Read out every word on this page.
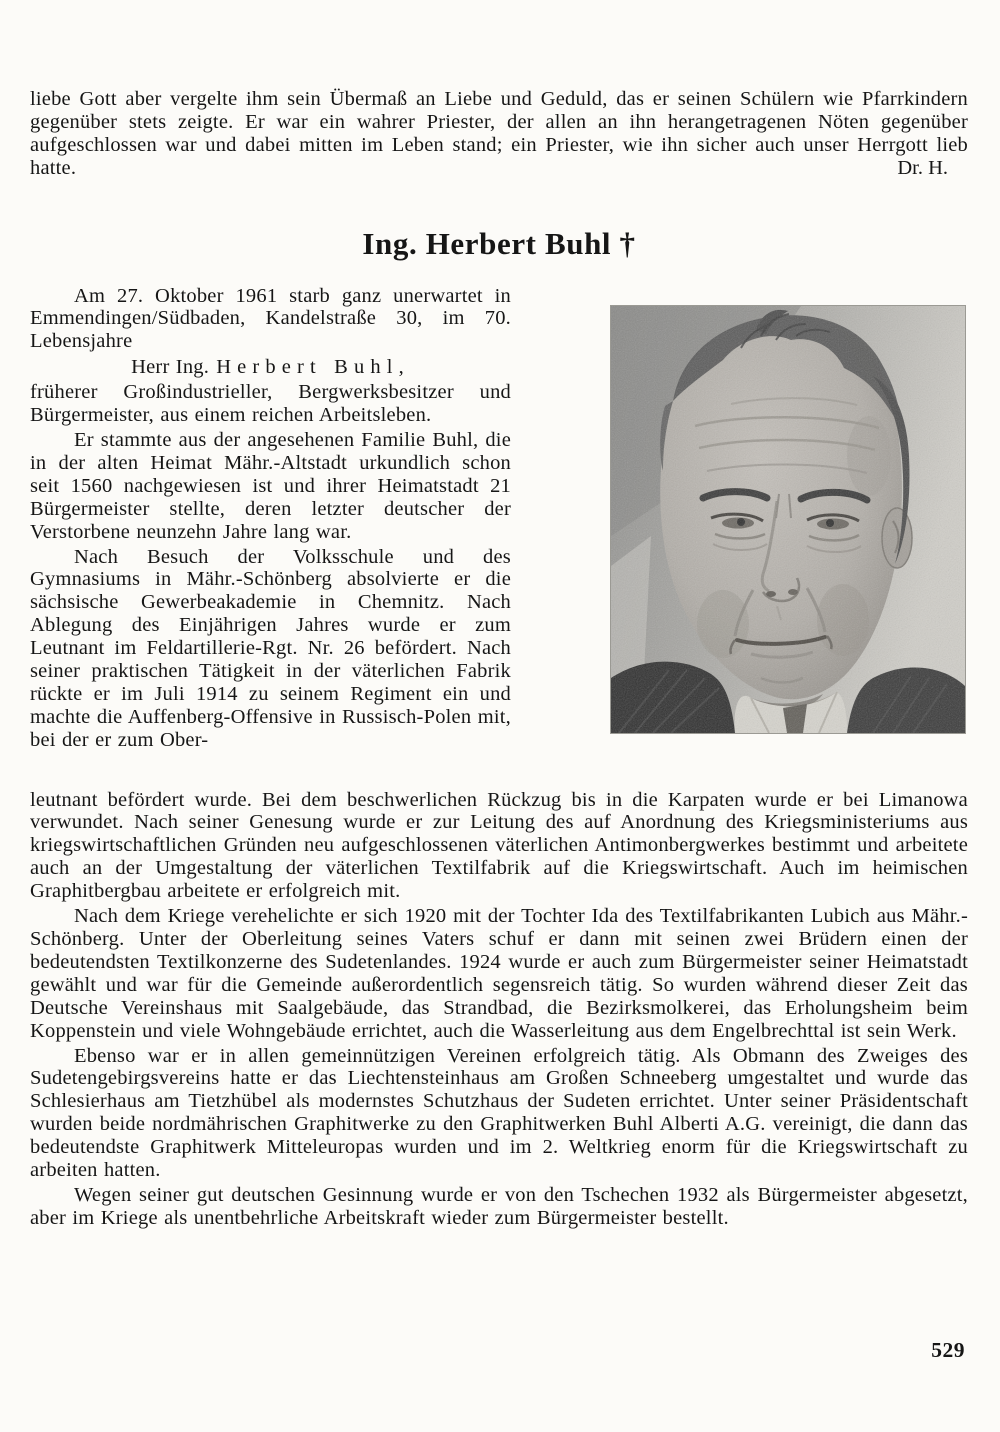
liebe Gott aber vergelte ihm sein Übermaß an Liebe und Geduld, das er seinen Schülern wie Pfarrkindern gegenüber stets zeigte. Er war ein wahrer Priester, der allen an ihn herangetragenen Nöten gegenüber aufgeschlossen war und dabei mitten im Leben stand; ein Priester, wie ihn sicher auch unser Herrgott lieb hatte.	Dr. H.
Ing. Herbert Buhl †

Am 27. Oktober 1961 starb ganz unerwartet in Emmendingen/Südbaden, Kandelstraße 30, im 70. Lebensjahre

Herr Ing. Herbert Buhl,

früherer Großindustrieller, Bergwerksbesitzer und Bürgermeister, aus einem reichen Arbeitsleben.

Er stammte aus der angesehenen Familie Buhl, die in der alten Heimat Mähr.-Altstadt urkundlich schon seit 1560 nachgewiesen ist und ihrer Heimatstadt 21 Bürgermeister stellte, deren letzter deutscher der Verstorbene neunzehn Jahre lang war.

Nach Besuch der Volksschule und des Gymnasiums in Mähr.-Schönberg absolvierte er die sächsische Gewerbeakademie in Chemnitz. Nach Ablegung des Einjährigen Jahres wurde er zum Leutnant im Feldartillerie-Rgt. Nr. 26 befördert. Nach seiner praktischen Tätigkeit in der väterlichen Fabrik rückte er im Juli 1914 zu seinem Regiment ein und machte die Auffenberg-Offensive in Russisch-Polen mit, bei der er zum Ober-

leutnant befördert wurde. Bei dem beschwerlichen Rückzug bis in die Karpaten wurde er bei Limanowa verwundet. Nach seiner Genesung wurde er zur Leitung des auf Anordnung des Kriegsministeriums aus kriegswirtschaftlichen Gründen neu aufgeschlossenen väterlichen Antimonbergwerkes bestimmt und arbeitete auch an der Umgestaltung der väterlichen Textilfabrik auf die Kriegswirtschaft. Auch im heimischen Graphitbergbau arbeitete er erfolgreich mit.

Nach dem Kriege verehelichte er sich 1920 mit der Tochter Ida des Textilfabrikanten Lubich aus Mähr.-Schönberg. Unter der Oberleitung seines Vaters schuf er dann mit seinen zwei Brüdern einen der bedeutendsten Textilkonzerne des Sudetenlandes. 1924 wurde er auch zum Bürgermeister seiner Heimatstadt gewählt und war für die Gemeinde außerordentlich segensreich tätig. So wurden während dieser Zeit das Deutsche Vereinshaus mit Saalgebäude, das Strandbad, die Bezirksmolkerei, das Erholungsheim beim Koppenstein und viele Wohngebäude errichtet, auch die Wasserleitung aus dem Engelbrechttal ist sein Werk.

Ebenso war er in allen gemeinnützigen Vereinen erfolgreich tätig. Als Obmann des Zweiges des Sudetengebirgsvereins hatte er das Liechtensteinhaus am Großen Schneeberg umgestaltet und wurde das Schlesierhaus am Tietzhübel als modernstes Schutzhaus der Sudeten errichtet. Unter seiner Präsidentschaft wurden beide nordmährischen Graphitwerke zu den Graphitwerken Buhl Alberti A.G. vereinigt, die dann das bedeutendste Graphitwerk Mitteleuropas wurden und im 2. Weltkrieg enorm für die Kriegswirtschaft zu arbeiten hatten.

Wegen seiner gut deutschen Gesinnung wurde er von den Tschechen 1932 als Bürgermeister abgesetzt, aber im Kriege als unentbehrliche Arbeitskraft wieder zum Bürgermeister bestellt.

529
